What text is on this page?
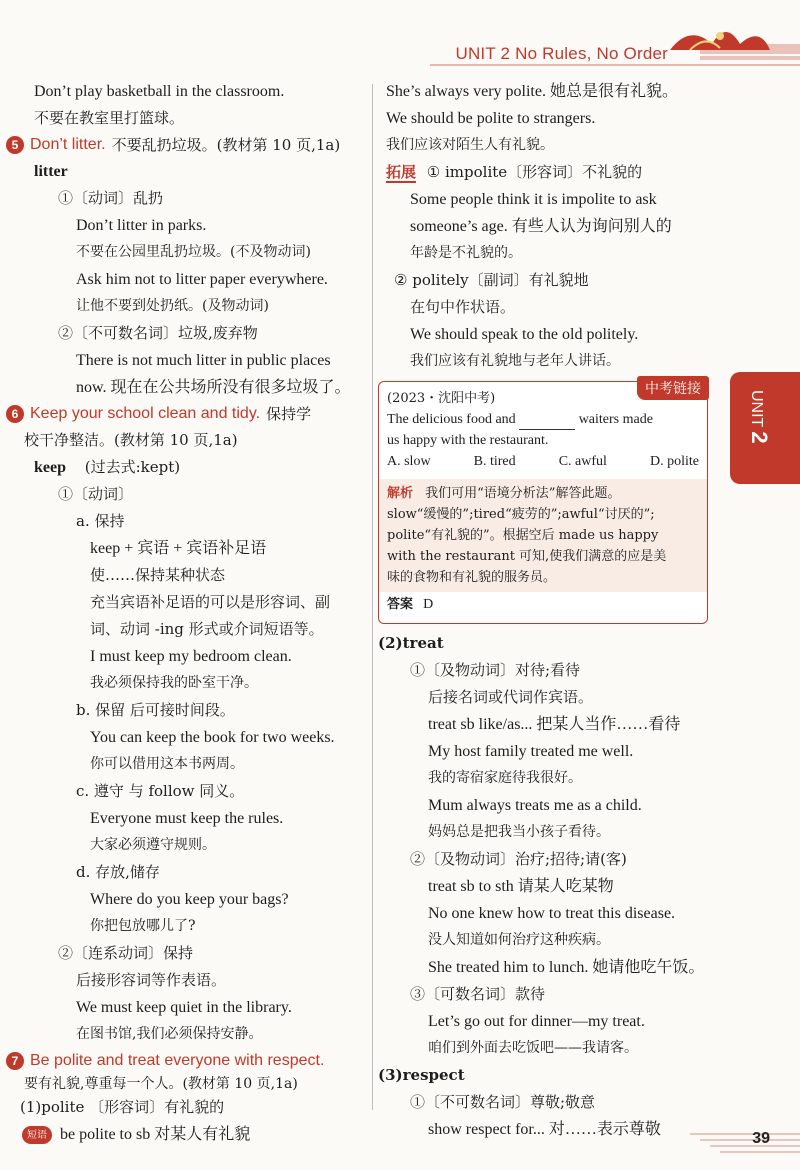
UNIT 2 No Rules, No Order
Don’t play basketball in the classroom.
不要在教室里打篮球。
5 Don’t litter. 不要乱扔垃圾。(教材第 10 页,1a)
litter
①〔动词〕乱扔
Don’t litter in parks.
不要在公园里乱扔垃圾。(不及物动词)
Ask him not to litter paper everywhere.
让他不要到处扔纸。(及物动词)
②〔不可数名词〕垃圾,废弃物
There is not much litter in public places
now. 现在在公共场所没有很多垃圾了。
6 Keep your school clean and tidy. 保持学
校干净整洁。(教材第 10 页,1a)
keep (过去式:kept)
①〔动词〕
a. 保持
keep + 宾语 + 宾语补足语
使……保持某种状态
充当宾语补足语的可以是形容词、副
词、动词 -ing 形式或介词短语等。
I must keep my bedroom clean.
我必须保持我的卧室干净。
b. 保留 后可接时间段。
You can keep the book for two weeks.
你可以借用这本书两周。
c. 遵守 与 follow 同义。
Everyone must keep the rules.
大家必须遵守规则。
d. 存放,储存
Where do you keep your bags?
你把包放哪儿了?
②〔连系动词〕保持
后接形容词等作表语。
We must keep quiet in the library.
在图书馆,我们必须保持安静。
7 Be polite and treat everyone with respect.
要有礼貌,尊重每一个人。(教材第 10 页,1a)
(1)polite 〔形容词〕有礼貌的
短语 be polite to sb 对某人有礼貌
She’s always very polite. 她总是很有礼貌。
We should be polite to strangers.
我们应该对陌生人有礼貌。
拓展 ① impolite〔形容词〕不礼貌的
Some people think it is impolite to ask
someone’s age. 有些人认为询问别人的
年龄是不礼貌的。
② politely〔副词〕有礼貌地
在句中作状语。
We should speak to the old politely.
我们应该有礼貌地与老年人讲话。
中考链接
(2023・沈阳中考)
The delicious food and	waiters made
us happy with the restaurant.
A. slow	B. tired	C. awful	D. polite
解析 我们可用“语境分析法”解答此题。
slow“缓慢的”;tired“疲劳的”;awful“讨厌的”;
polite“有礼貌的”。根据空后 made us happy
with the restaurant 可知,使我们满意的应是美
味的食物和有礼貌的服务员。
答案 D
(2)treat
①〔及物动词〕对待;看待
后接名词或代词作宾语。
treat sb like/as... 把某人当作……看待
My host family treated me well.
我的寄宿家庭待我很好。
Mum always treats me as a child.
妈妈总是把我当小孩子看待。
②〔及物动词〕治疗;招待;请(客)
treat sb to sth 请某人吃某物
No one knew how to treat this disease.
没人知道如何治疗这种疾病。
She treated him to lunch. 她请他吃午饭。
③〔可数名词〕款待
Let’s go out for dinner—my treat.
咱们到外面去吃饭吧——我请客。
(3)respect
①〔不可数名词〕尊敬;敬意
show respect for... 对……表示尊敬
UNIT2
39
